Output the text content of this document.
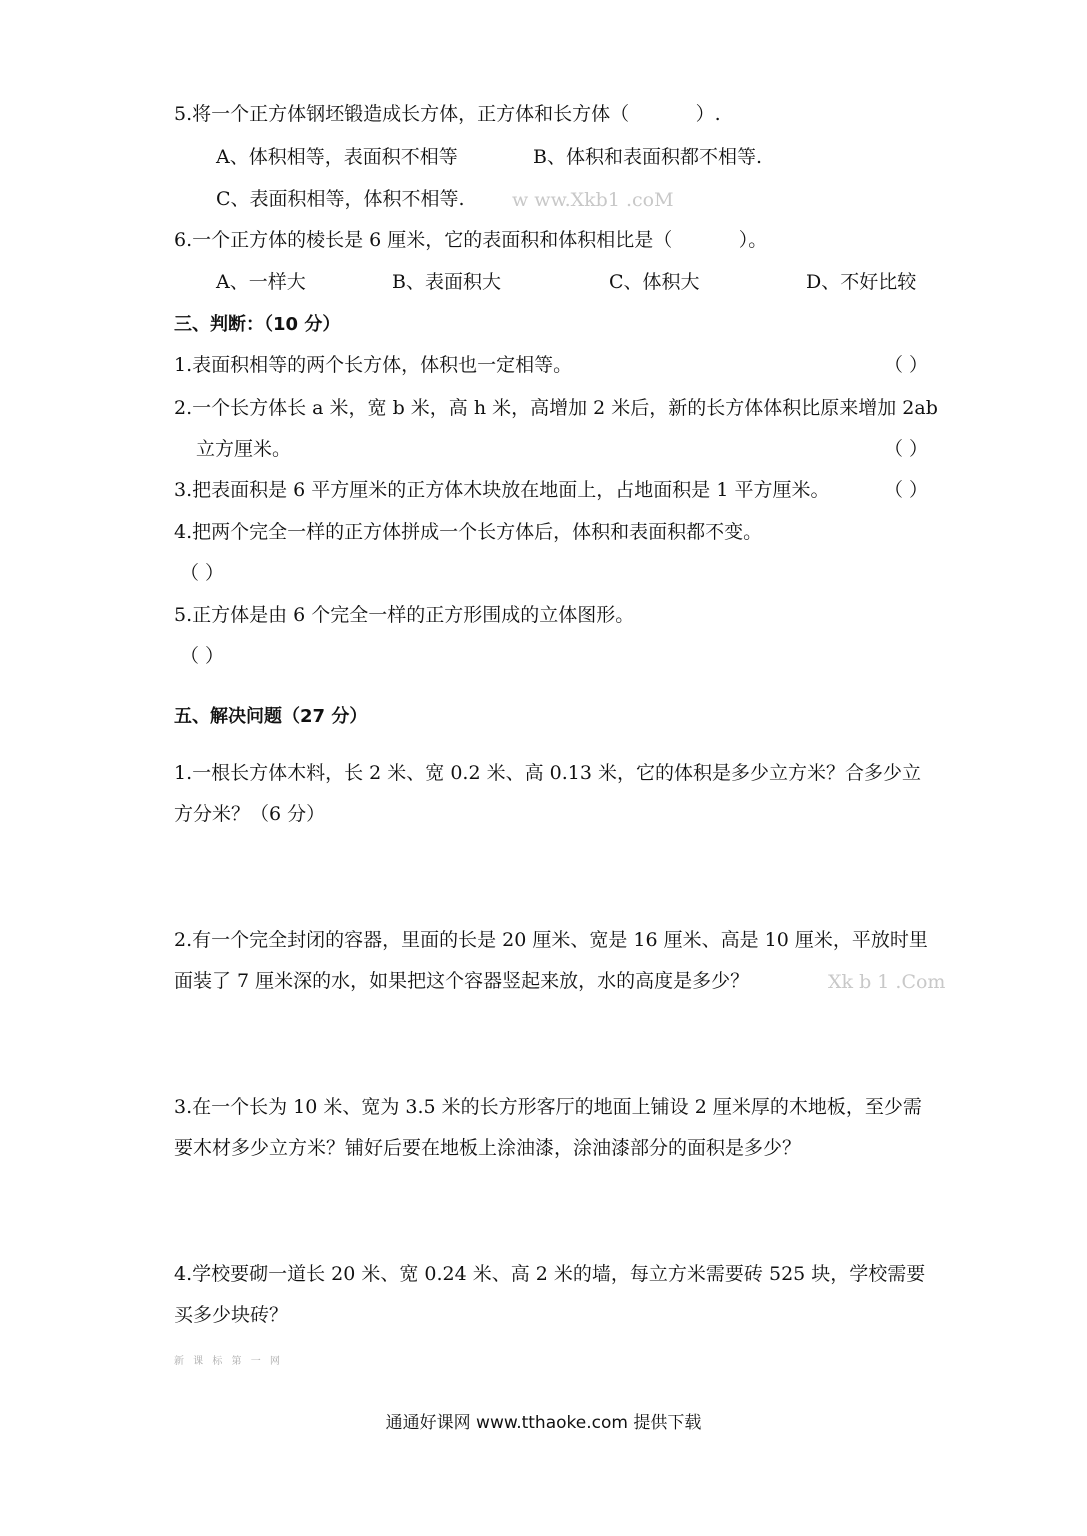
5.将一个正方体钢坯锻造成长方体，正方体和长方体（           ）.
A、体积相等，表面积不相等	B、体积和表面积都不相等.
C、表面积相等，体积不相等. w ww.Xkb1 .coM
6.一个正方体的棱长是 6 厘米，它的表面积和体积相比是（           ）。
A、一样大	B、表面积大	C、体积大	D、不好比较
三、判断：（10 分）
1.表面积相等的两个长方体，体积也一定相等。	（ ）
2.一个长方体长 a 米，宽 b 米，高 h 米，高增加 2 米后，新的长方体体积比原来增加 2ab
立方厘米。	（ ）
3.把表面积是 6 平方厘米的正方体木块放在地面上，占地面积是 1 平方厘米。	（ ）
4.把两个完全一样的正方体拼成一个长方体后，体积和表面积都不变。
（ ）
5.正方体是由 6 个完全一样的正方形围成的立体图形。
（ ）
五、解决问题（27 分）
1.一根长方体木料，长 2 米、宽 0.2 米、高 0.13 米，它的体积是多少立方米？合多少立
方分米？（6 分）
2.有一个完全封闭的容器，里面的长是 20 厘米、宽是 16 厘米、高是 10 厘米，平放时里
面装了 7 厘米深的水，如果把这个容器竖起来放，水的高度是多少？	Xk b 1 .Com
3.在一个长为 10 米、宽为 3.5 米的长方形客厅的地面上铺设 2 厘米厚的木地板，至少需
要木材多少立方米？铺好后要在地板上涂油漆，涂油漆部分的面积是多少？
4.学校要砌一道长 20 米、宽 0.24 米、高 2 米的墙，每立方米需要砖 525 块，学校需要
买多少块砖？
新 课 标 第 一 网
通通好课网 www.tthaoke.com 提供下载
